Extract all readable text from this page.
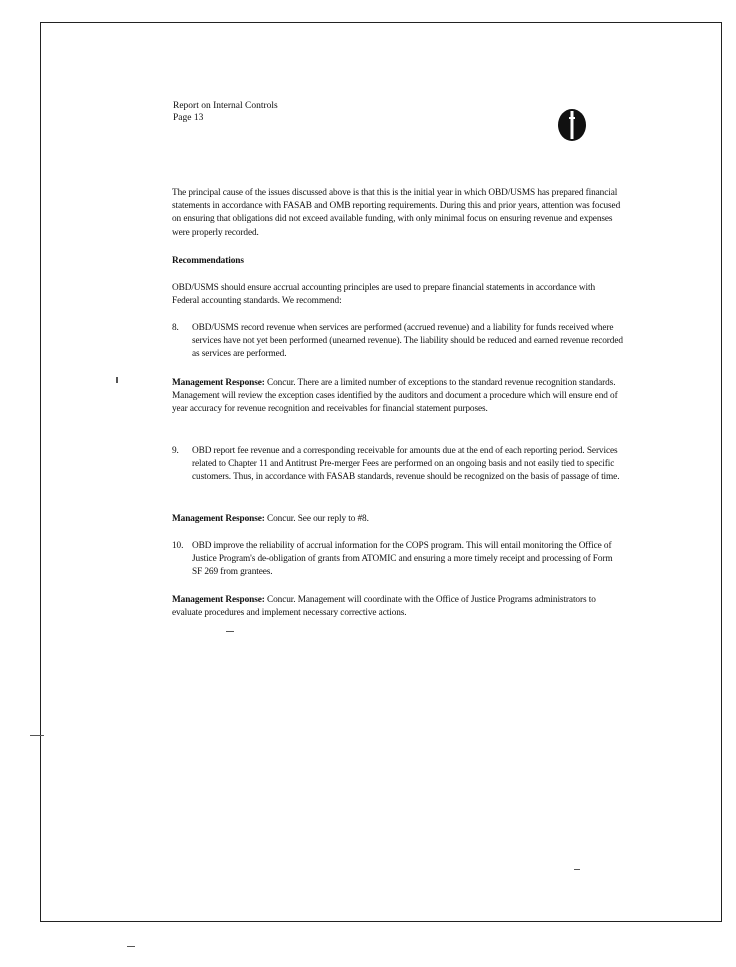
Report on Internal Controls
Page 13

The principal cause of the issues discussed above is that this is the initial year in which OBD/USMS has prepared financial statements in accordance with FASAB and OMB reporting requirements. During this and prior years, attention was focused on ensuring that obligations did not exceed available funding, with only minimal focus on ensuring revenue and expenses were properly recorded.

Recommendations

OBD/USMS should ensure accrual accounting principles are used to prepare financial statements in accordance with Federal accounting standards. We recommend:

8.	OBD/USMS record revenue when services are performed (accrued revenue) and a liability for funds received where services have not yet been performed (unearned revenue). The liability should be reduced and earned revenue recorded as services are performed.
Management Response: Concur. There are a limited number of exceptions to the standard revenue recognition standards. Management will review the exception cases identified by the auditors and document a procedure which will ensure end of year accuracy for revenue recognition and receivables for financial statement purposes.
9.	OBD report fee revenue and a corresponding receivable for amounts due at the end of each reporting period. Services related to Chapter 11 and Antitrust Pre-merger Fees are performed on an ongoing basis and not easily tied to specific customers. Thus, in accordance with FASAB standards, revenue should be recognized on the basis of passage of time.
Management Response: Concur. See our reply to #8.
10. OBD improve the reliability of accrual information for the COPS program. This will entail monitoring the Office of Justice Program's de-obligation of grants from ATOMIC and ensuring a more timely receipt and processing of Form SF 269 from grantees.
Management Response: Concur. Management will coordinate with the Office of Justice Programs administrators to evaluate procedures and implement necessary corrective actions.
